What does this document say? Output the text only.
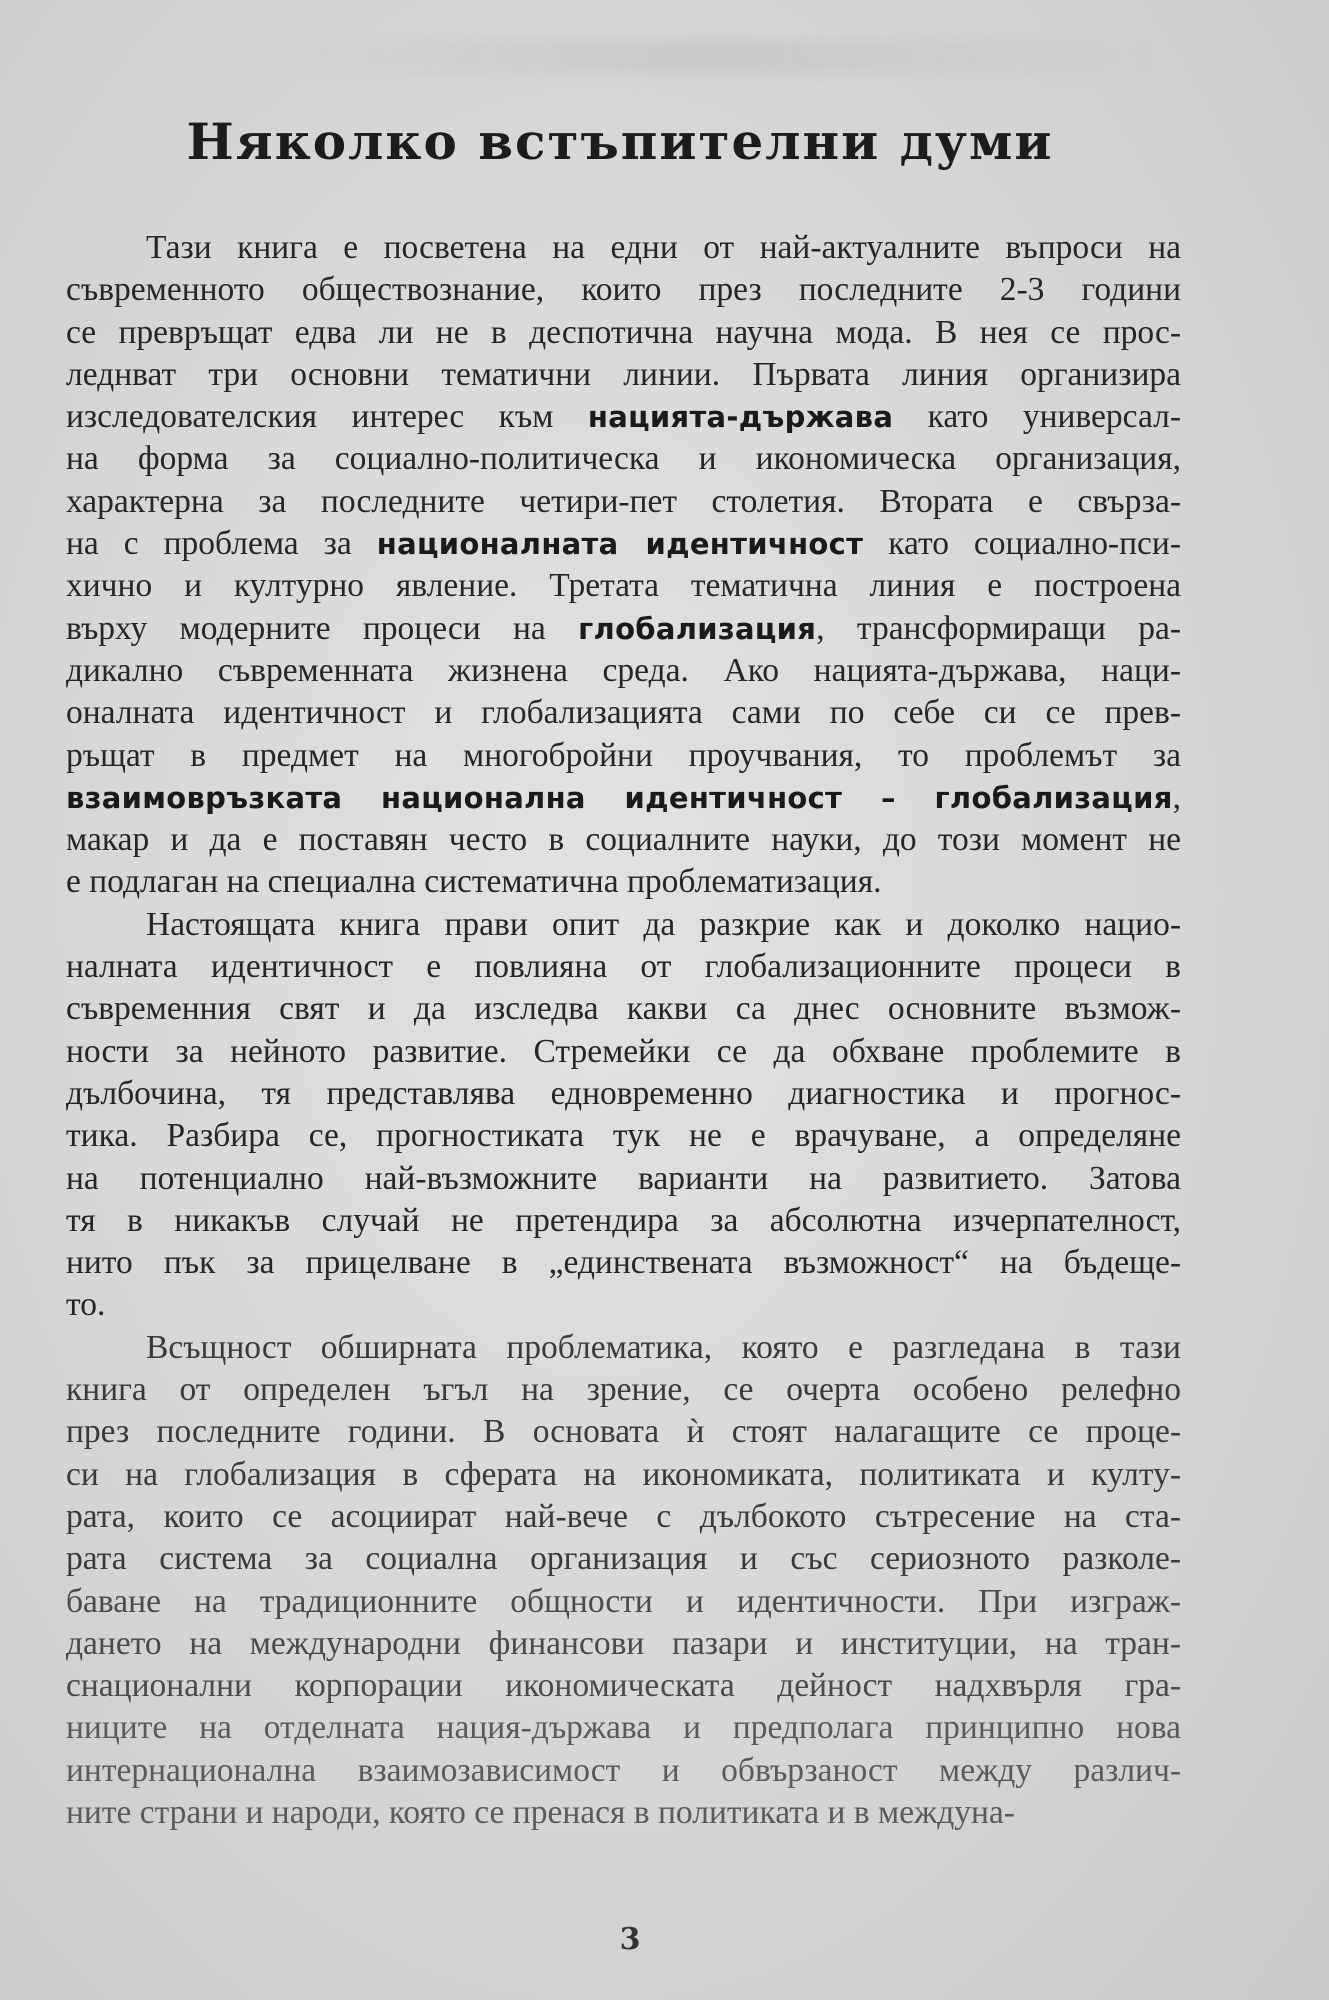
Няколко встъпителни думи
Тази книга е посветена на едни от най-актуалните въпроси на
съвременното обществознание, които през последните 2-3 години
се превръщат едва ли не в деспотична научна мода. В нея се прос-
леднват три основни тематични линии. Първата линия организира
изследователския интерес към нацията-държава като универсал-
на форма за социално-политическа и икономическа организация,
характерна за последните четири-пет столетия. Втората е свърза-
на с проблема за националната идентичност като социално-пси-
хично и културно явление. Третата тематична линия е построена
върху модерните процеси на глобализация, трансформиращи ра-
дикално съвременната жизнена среда. Ако нацията-държава, наци-
оналната идентичност и глобализацията сами по себе си се прев-
ръщат в предмет на многобройни проучвания, то проблемът за
взаимовръзката национална идентичност – глобализация,
макар и да е поставян често в социалните науки, до този момент не
е подлаган на специална систематична проблематизация.
Настоящата книга прави опит да разкрие как и доколко нацио-
налната идентичност е повлияна от глобализационните процеси в
съвременния свят и да изследва какви са днес основните възмож-
ности за нейното развитие. Стремейки се да обхване проблемите в
дълбочина, тя представлява едновременно диагностика и прогнос-
тика. Разбира се, прогностиката тук не е врачуване, а определяне
на потенциално най-възможните варианти на развитието. Затова
тя в никакъв случай не претендира за абсолютна изчерпателност,
нито пък за прицелване в „единствената възможност“ на бъдеще-
то.
Всъщност обширната проблематика, която е разгледана в тази
книга от определен ъгъл на зрение, се очерта особено релефно
през последните години. В основата ѝ стоят налагащите се проце-
си на глобализация в сферата на икономиката, политиката и култу-
рата, които се асоциират най-вече с дълбокото сътресение на ста-
рата система за социална организация и със сериозното разколе-
баване на традиционните общности и идентичности. При изграж-
дането на международни финансови пазари и институции, на тран-
снационални корпорации икономическата дейност надхвърля гра-
ниците на отделната нация-държава и предполага принципно нова
интернационална взаимозависимост и обвързаност между различ-
ните страни и народи, която се пренася в политиката и в междуна-
3
